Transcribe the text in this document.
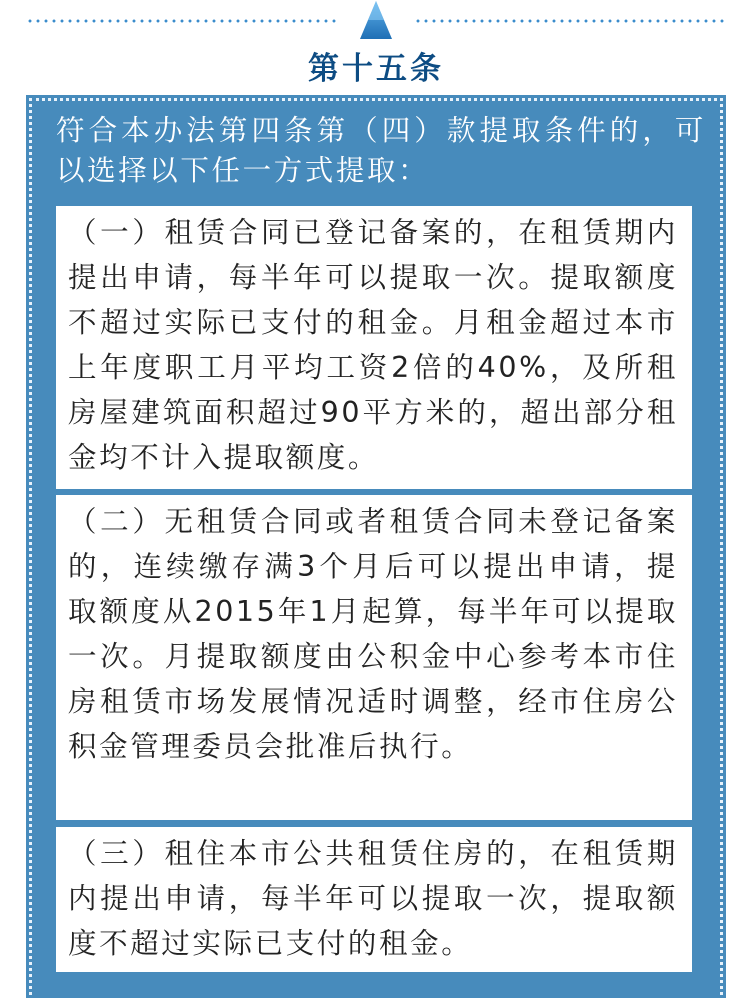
第十五条

符合本办法第四条第（四）款提取条件的，可以选择以下任一方式提取：

（一）租赁合同已登记备案的，在租赁期内提出申请，每半年可以提取一次。提取额度不超过实际已支付的租金。月租金超过本市上年度职工月平均工资2倍的40%，及所租房屋建筑面积超过90平方米的，超出部分租金均不计入提取额度。

（二）无租赁合同或者租赁合同未登记备案的，连续缴存满3个月后可以提出申请，提取额度从2015年1月起算，每半年可以提取一次。月提取额度由公积金中心参考本市住房租赁市场发展情况适时调整，经市住房公积金管理委员会批准后执行。

（三）租住本市公共租赁住房的，在租赁期内提出申请，每半年可以提取一次，提取额度不超过实际已支付的租金。
